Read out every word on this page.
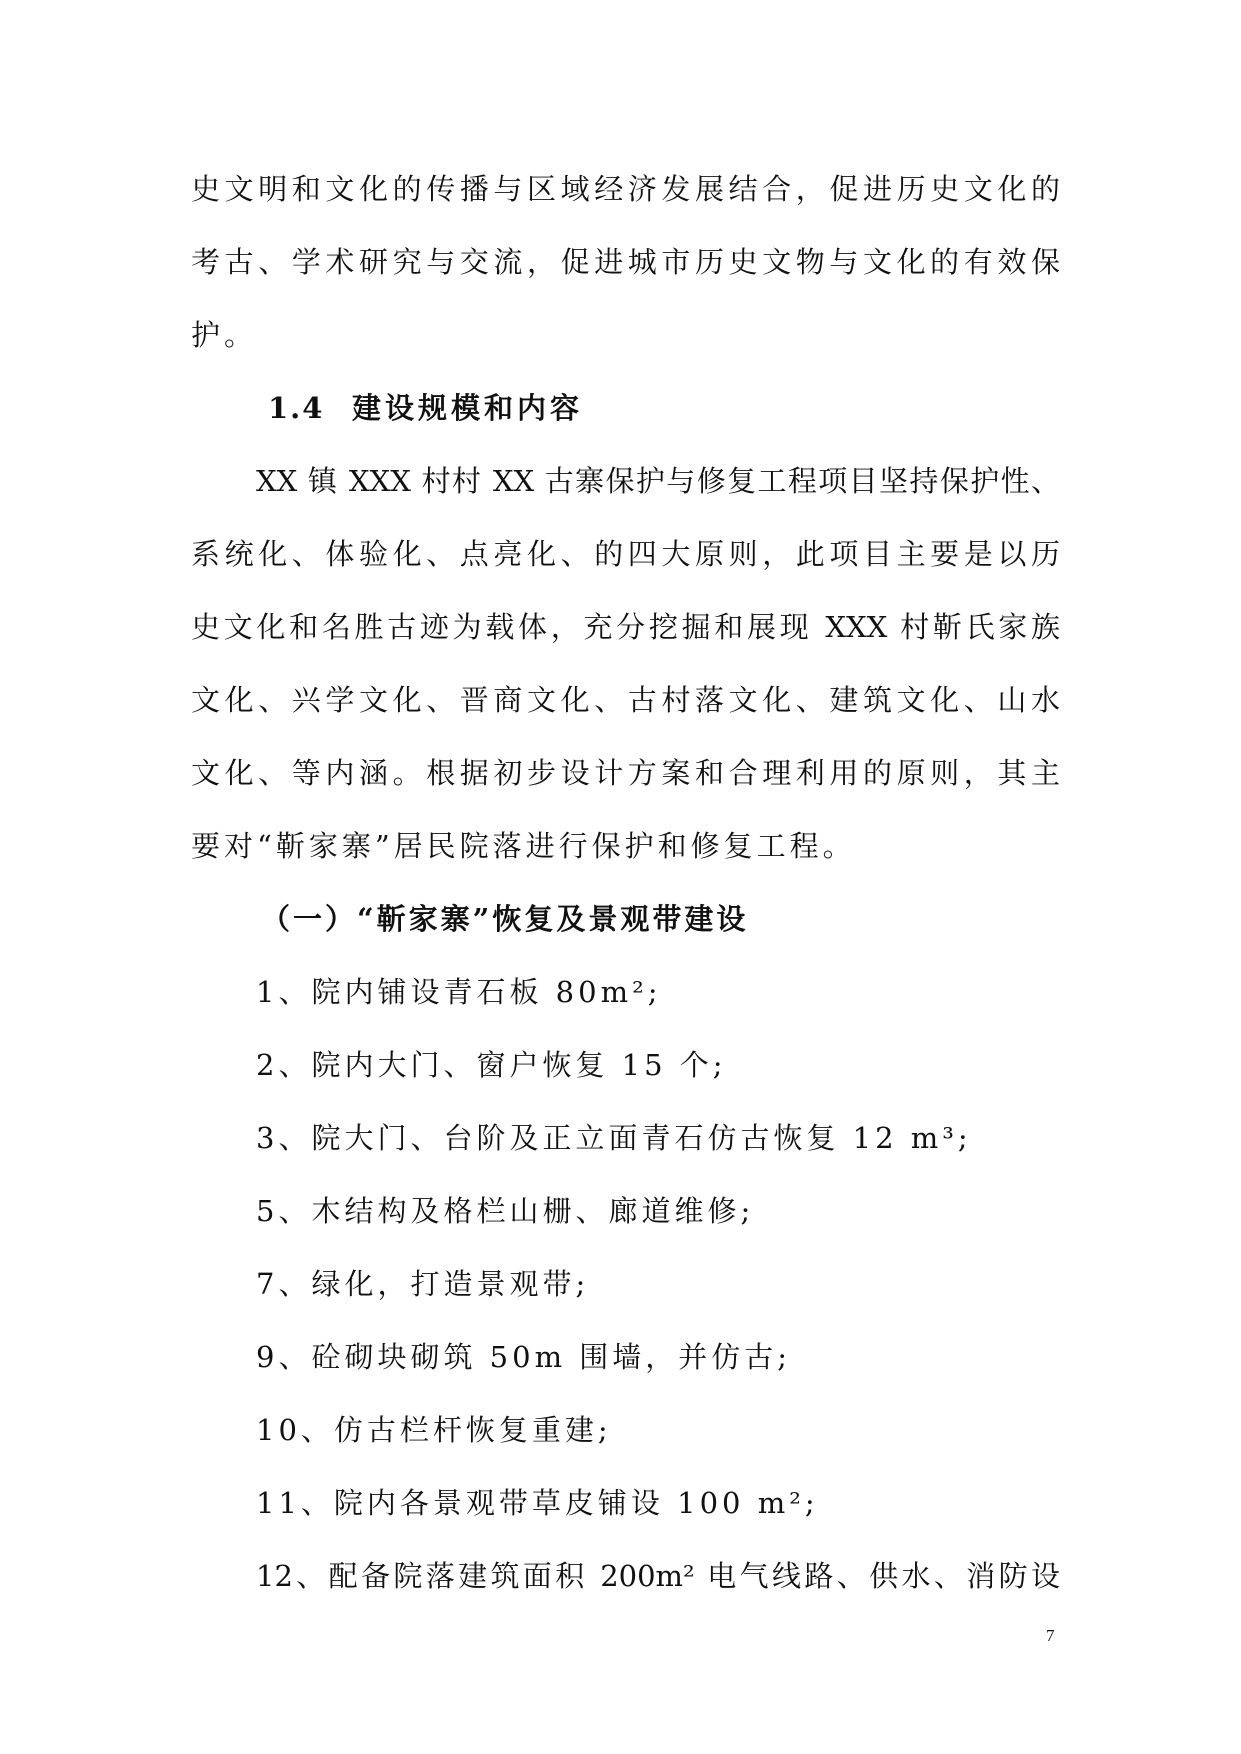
史文明和文化的传播与区域经济发展结合，促进历史文化的
考古、学术研究与交流，促进城市历史文物与文化的有效保
护。
1.4 建设规模和内容
XX 镇 XXX 村村 XX 古寨保护与修复工程项目坚持保护性、
系统化、体验化、点亮化、的四大原则，此项目主要是以历
史文化和名胜古迹为载体，充分挖掘和展现 XXX 村靳氏家族
文化、兴学文化、晋商文化、古村落文化、建筑文化、山水
文化、等内涵。根据初步设计方案和合理利用的原则，其主
要对“靳家寨”居民院落进行保护和修复工程。
（一）“靳家寨”恢复及景观带建设
1、院内铺设青石板 80m²;
2、院内大门、窗户恢复 15 个;
3、院大门、台阶及正立面青石仿古恢复 12 m³;
5、木结构及格栏山栅、廊道维修;
7、绿化，打造景观带;
9、砼砌块砌筑 50m 围墙，并仿古;
10、仿古栏杆恢复重建;
11、院内各景观带草皮铺设 100 m²;
12、配备院落建筑面积 200m² 电气线路、供水、消防设
7
